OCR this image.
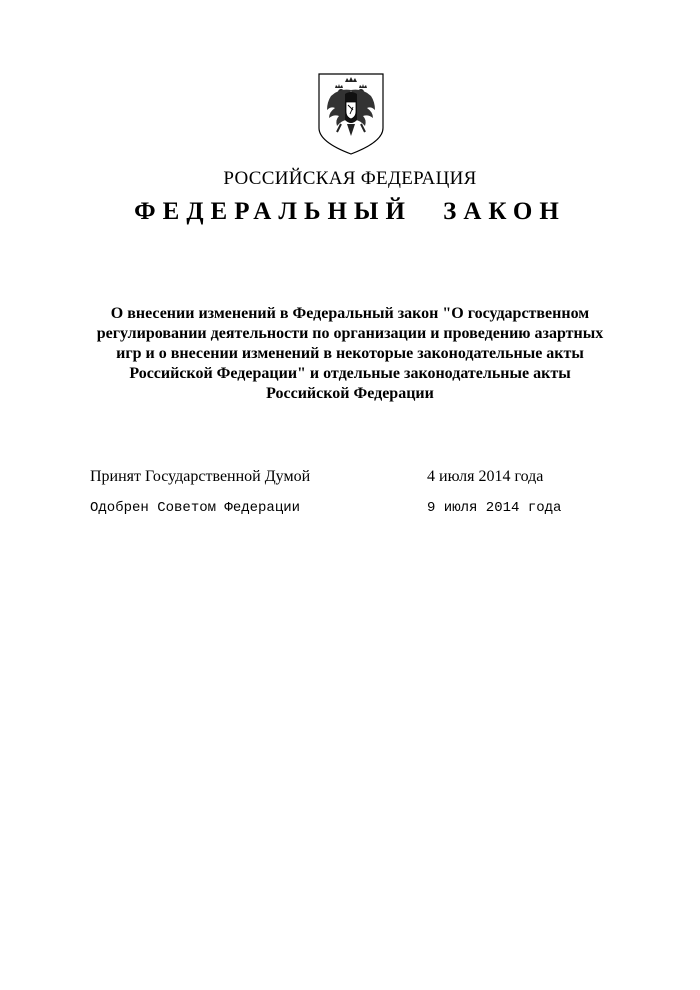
РОССИЙСКАЯ ФЕДЕРАЦИЯ
ФЕДЕРАЛЬНЫЙ ЗАКОН
О внесении изменений в Федеральный закон "О государственном
регулировании деятельности по организации и проведению азартных
игр и о внесении изменений в некоторые законодательные акты
Российской Федерации" и отдельные законодательные акты
Российской Федерации
Принят Государственной Думой	4 июля 2014 года
Одобрен Советом Федерации	9 июля 2014 года
